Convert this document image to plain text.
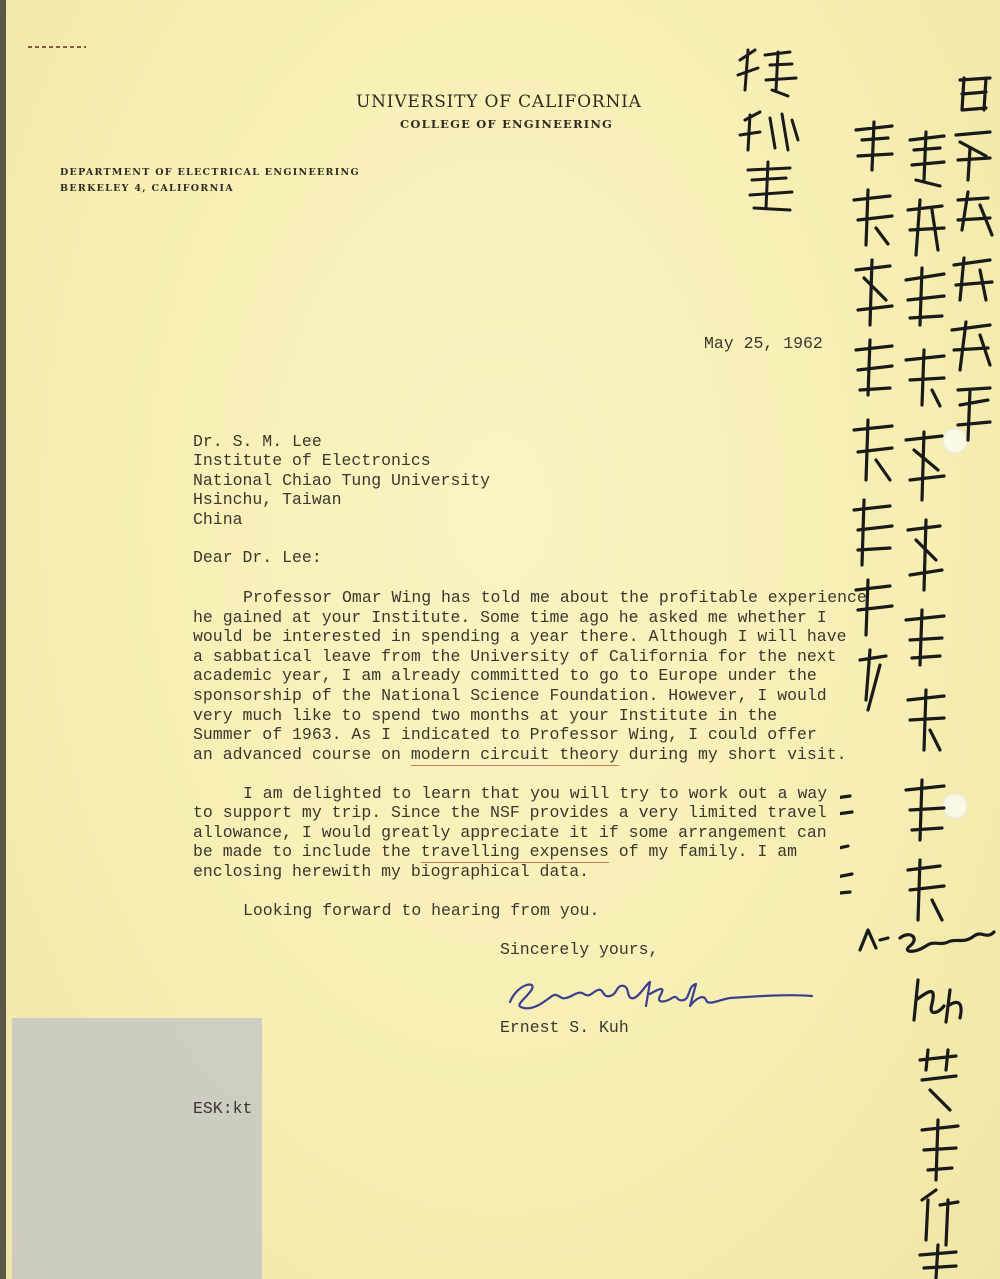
UNIVERSITY OF CALIFORNIA
COLLEGE OF ENGINEERING
DEPARTMENT OF ELECTRICAL ENGINEERING
BERKELEY 4, CALIFORNIA
May 25, 1962
Dr. S. M. Lee
Institute of Electronics
National Chiao Tung University
Hsinchu, Taiwan
China
Dear Dr. Lee:
Professor Omar Wing has told me about the profitable experience
he gained at your Institute. Some time ago he asked me whether I
would be interested in spending a year there. Although I will have
a sabbatical leave from the University of California for the next
academic year, I am already committed to go to Europe under the
sponsorship of the National Science Foundation. However, I would
very much like to spend two months at your Institute in the
Summer of 1963. As I indicated to Professor Wing, I could offer
an advanced course on modern circuit theory during my short visit.
I am delighted to learn that you will try to work out a way
to support my trip. Since the NSF provides a very limited travel
allowance, I would greatly appreciate it if some arrangement can
be made to include the travelling expenses of my family. I am
enclosing herewith my biographical data.
Looking forward to hearing from you.
Sincerely yours,
Ernest S. Kuh
ESK:kt
